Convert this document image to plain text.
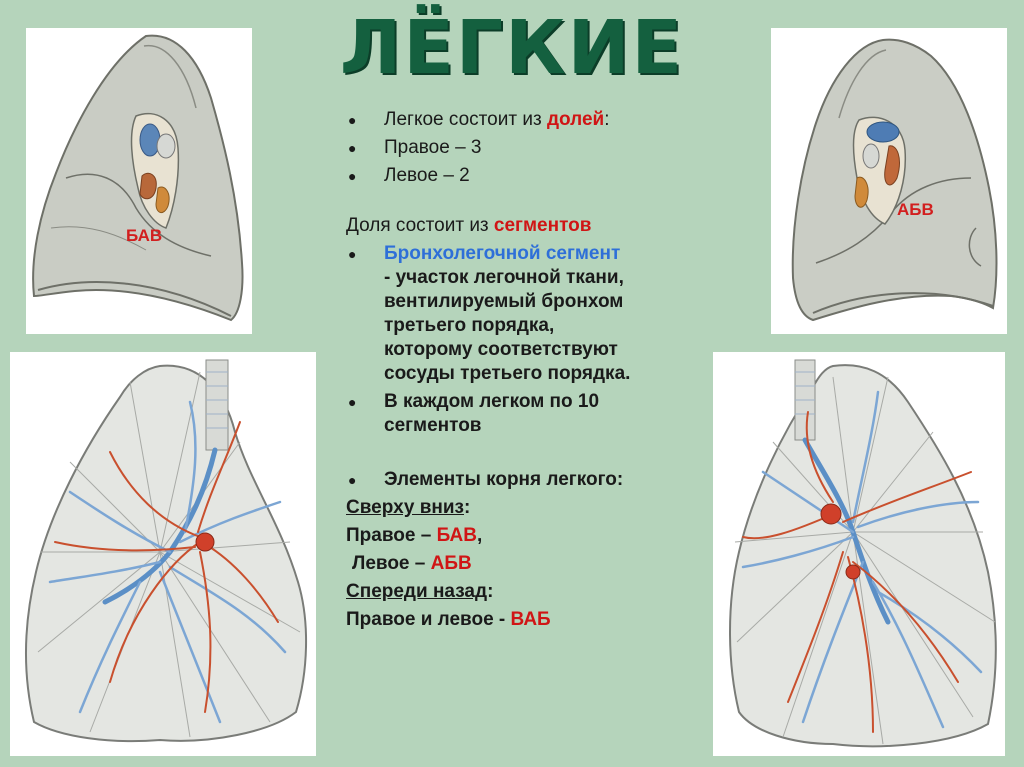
ЛЁГКИЕ
БАВ
АБВ
● Легкое состоит из долей:
● Правое – 3
● Левое – 2
Доля состоит из сегментов
● Бронхолегочной сегмент
- участок легочной ткани,
вентилируемый бронхом
третьего порядка,
которому соответствуют
сосуды третьего порядка.
● В каждом легком по 10
сегментов
● Элементы корня легкого:
Сверху вниз:
Правое – БАВ,
Левое – АБВ
Спереди назад:
Правое и левое - ВАБ
